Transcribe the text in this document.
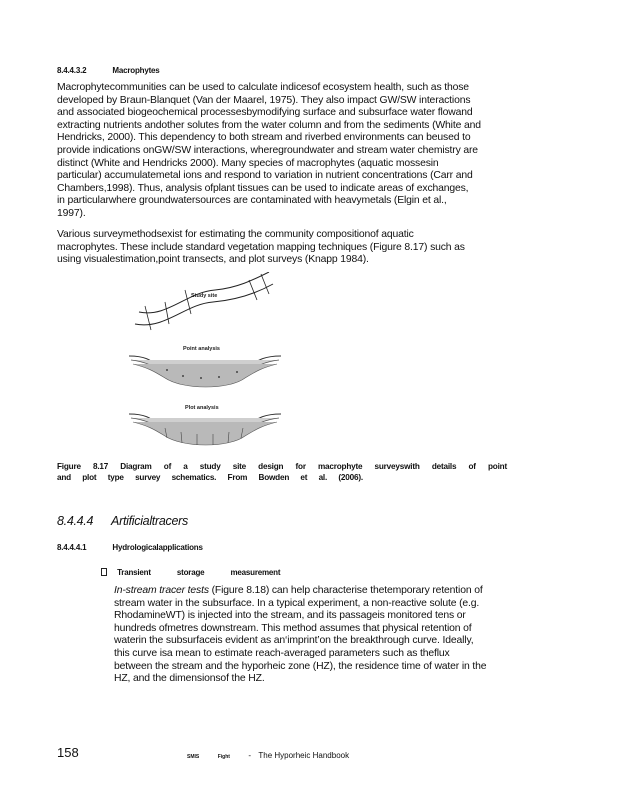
8.4.4.3.2	Macrophytes
Macrophytecommunities can be used to calculate indicesof ecosystem health, such as those
developed by Braun-Blanquet (Van der Maarel, 1975). They also impact GW/SW interactions
and associated biogeochemical processesbymodifying surface and subsurface water flowand
extracting nutrients andother solutes from the water column and from the sediments (White and
Hendricks, 2000). This dependency to both stream and riverbed environments can beused to
provide indications onGW/SW interactions, wheregroundwater and stream water chemistry are
distinct (White and Hendricks 2000). Many species of macrophytes (aquatic mossesin
particular) accumulatemetal ions and respond to variation in nutrient concentrations (Carr and
Chambers,1998). Thus, analysis ofplant tissues can be used to indicate areas of exchanges,
in particularwhere groundwatersources are contaminated with heavymetals (Elgin et al.,
1997).
Various surveymethodsexist for estimating the community compositionof aquatic
macrophytes. These include standard vegetation mapping techniques (Figure 8.17) such as
using visualestimation,point transects, and plot surveys (Knapp 1984).
Study site
Point analysis
Plot analysis
Figure 8.17 Diagram of a study site design for macrophyte surveyswith details of point
and plot type survey schematics. From Bowden et al. (2006).
8.4.4.4 Artificialtracers
8.4.4.4.1	Hydrologicalapplications
Transient	storage	measurement
In-stream tracer tests (Figure 8.18) can help characterise thetemporary retention of
stream water in the subsurface. In a typical experiment, a non-reactive solute (e.g.
RhodamineWT) is injected into the stream, and its passageis monitored tens or
hundreds ofmetres downstream. This method assumes that physical retention of
waterin the subsurfaceis evident as an‘imprint’on the breakthrough curve. Ideally,
this curve isa mean to estimate reach-averaged parameters such as theflux
between the stream and the hyporheic zone (HZ), the residence time of water in the
HZ, and the dimensionsof the HZ.
158	SMIS	Fight - The Hyporheic Handbook
